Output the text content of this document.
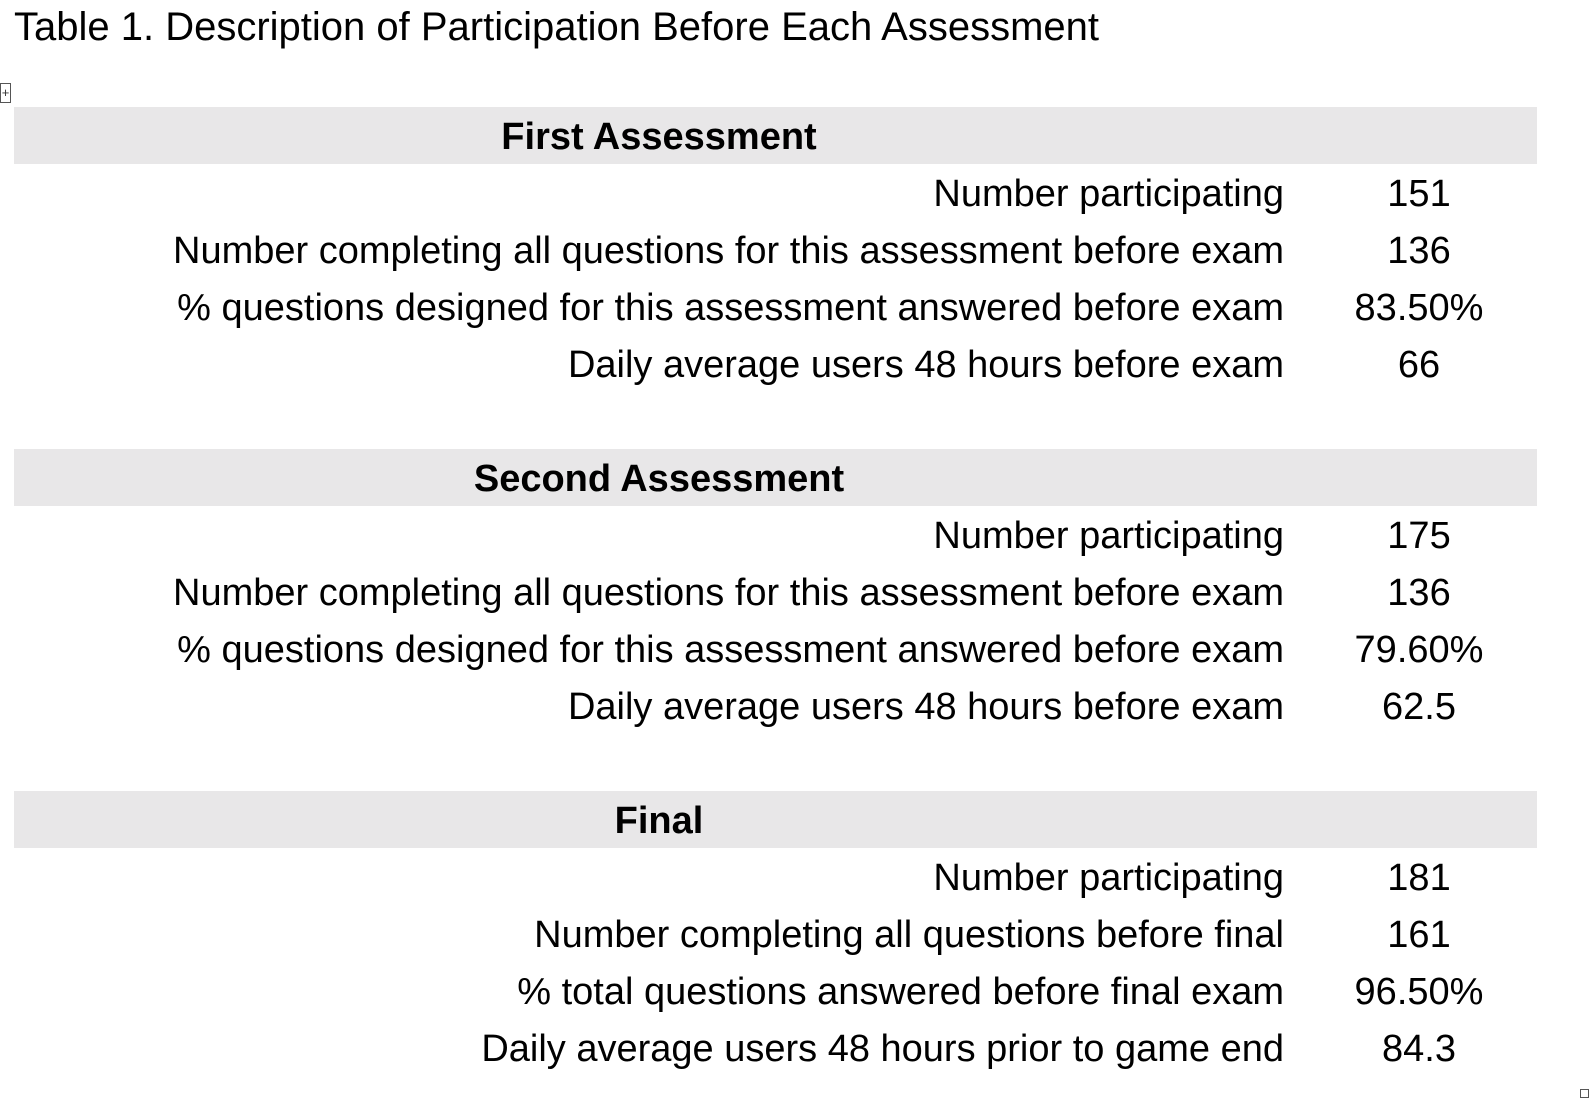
Table 1. Description of Participation Before Each Assessment
+
First Assessment
Number participating	151
Number completing all questions for this assessment before exam	136
% questions designed for this assessment answered before exam	83.50%
Daily average users 48 hours before exam	66
Second Assessment
Number participating	175
Number completing all questions for this assessment before exam	136
% questions designed for this assessment answered before exam	79.60%
Daily average users 48 hours before exam	62.5
Final
Number participating	181
Number completing all questions before final	161
% total questions answered before final exam	96.50%
Daily average users 48 hours prior to game end	84.3
